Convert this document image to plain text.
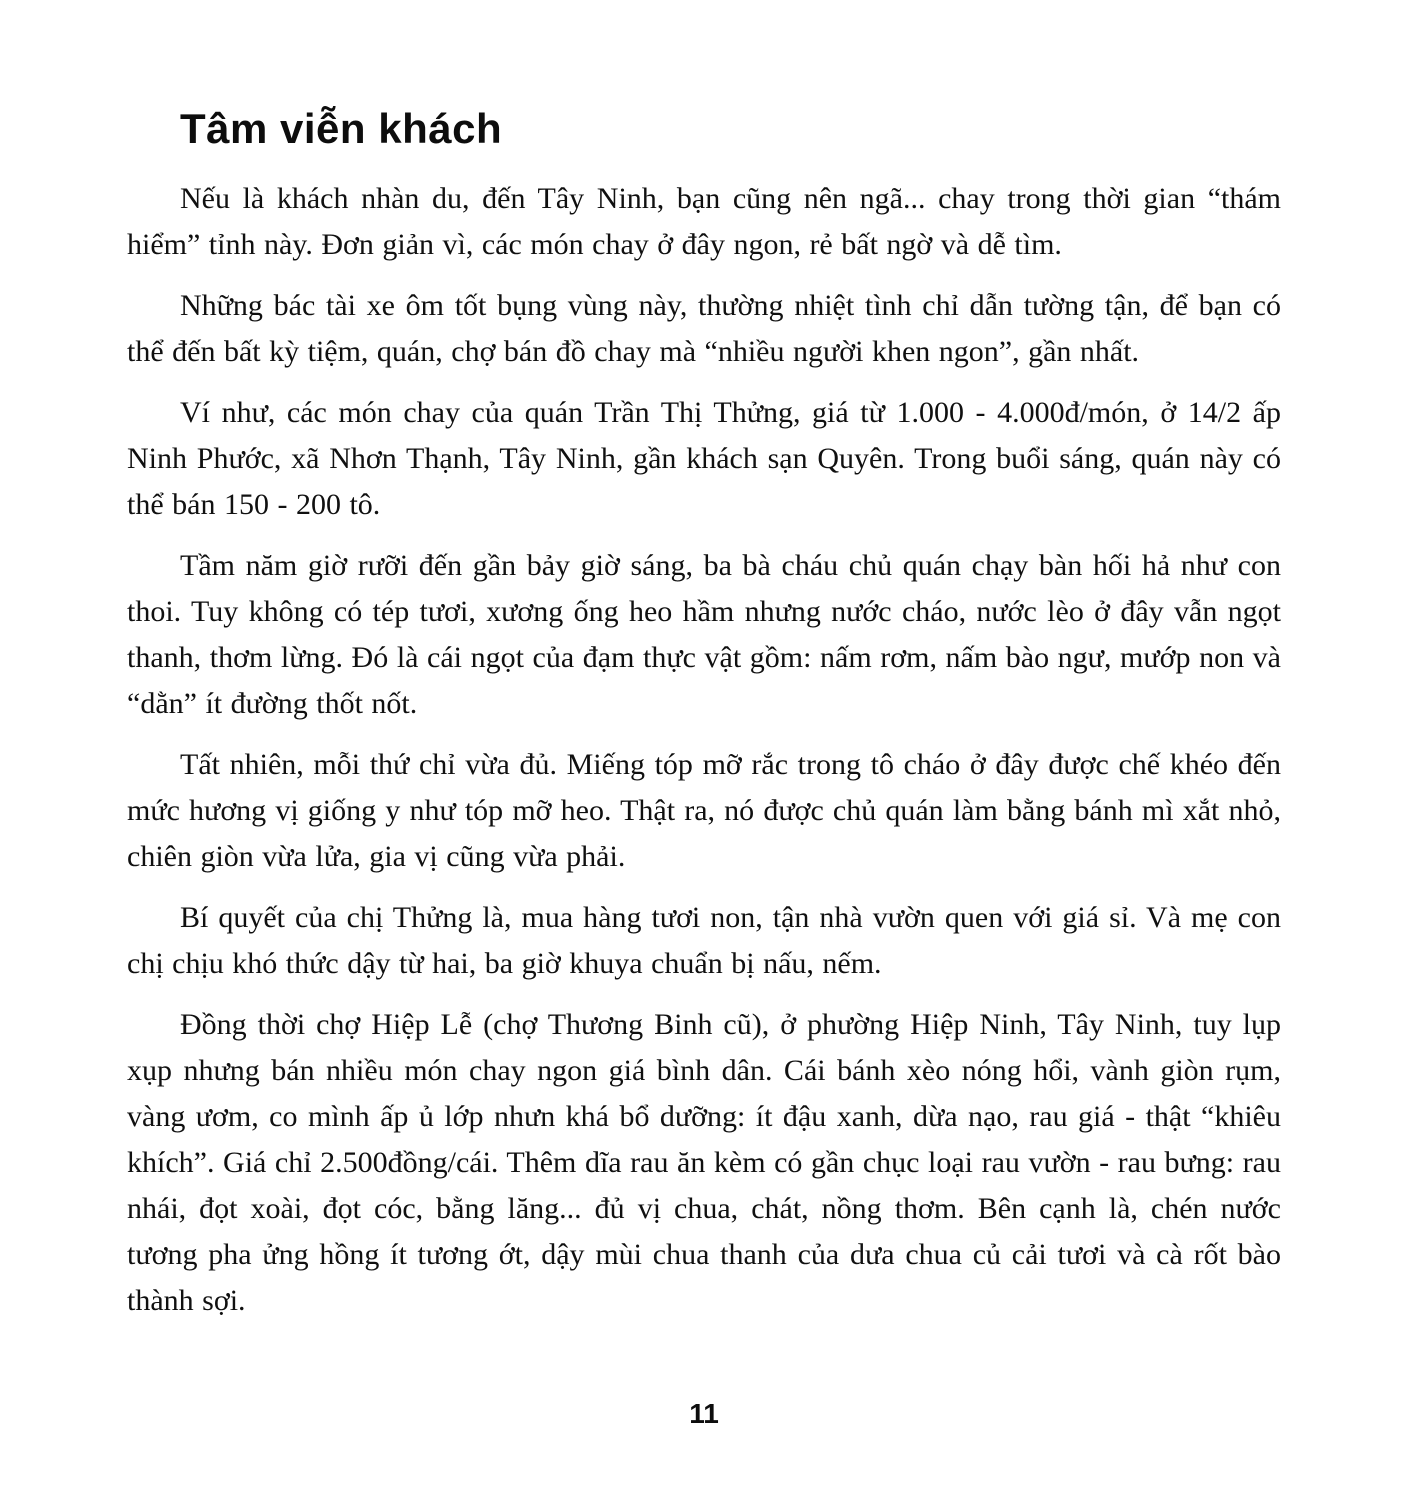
Tâm viễn khách

Nếu là khách nhàn du, đến Tây Ninh, bạn cũng nên ngã... chay trong thời gian “thám hiểm” tỉnh này. Đơn giản vì, các món chay ở đây ngon, rẻ bất ngờ và dễ tìm.

Những bác tài xe ôm tốt bụng vùng này, thường nhiệt tình chỉ dẫn tường tận, để bạn có thể đến bất kỳ tiệm, quán, chợ bán đồ chay mà “nhiều người khen ngon”, gần nhất.

Ví như, các món chay của quán Trần Thị Thửng, giá từ 1.000 - 4.000đ/món, ở 14/2 ấp Ninh Phước, xã Nhơn Thạnh, Tây Ninh, gần khách sạn Quyên. Trong buổi sáng, quán này có thể bán 150 - 200 tô.

Tầm năm giờ rưỡi đến gần bảy giờ sáng, ba bà cháu chủ quán chạy bàn hối hả như con thoi. Tuy không có tép tươi, xương ống heo hầm nhưng nước cháo, nước lèo ở đây vẫn ngọt thanh, thơm lừng. Đó là cái ngọt của đạm thực vật gồm: nấm rơm, nấm bào ngư, mướp non và “dằn” ít đường thốt nốt.

Tất nhiên, mỗi thứ chỉ vừa đủ. Miếng tóp mỡ rắc trong tô cháo ở đây được chế khéo đến mức hương vị giống y như tóp mỡ heo. Thật ra, nó được chủ quán làm bằng bánh mì xắt nhỏ, chiên giòn vừa lửa, gia vị cũng vừa phải.

Bí quyết của chị Thửng là, mua hàng tươi non, tận nhà vườn quen với giá sỉ. Và mẹ con chị chịu khó thức dậy từ hai, ba giờ khuya chuẩn bị nấu, nếm.

Đồng thời chợ Hiệp Lễ (chợ Thương Binh cũ), ở phường Hiệp Ninh, Tây Ninh, tuy lụp xụp nhưng bán nhiều món chay ngon giá bình dân. Cái bánh xèo nóng hổi, vành giòn rụm, vàng ươm, co mình ấp ủ lớp nhưn khá bổ dưỡng: ít đậu xanh, dừa nạo, rau giá - thật “khiêu khích”. Giá chỉ 2.500đồng/cái. Thêm dĩa rau ăn kèm có gần chục loại rau vườn - rau bưng: rau nhái, đọt xoài, đọt cóc, bằng lăng... đủ vị chua, chát, nồng thơm. Bên cạnh là, chén nước tương pha ửng hồng ít tương ớt, dậy mùi chua thanh của dưa chua củ cải tươi và cà rốt bào thành sợi.

11
